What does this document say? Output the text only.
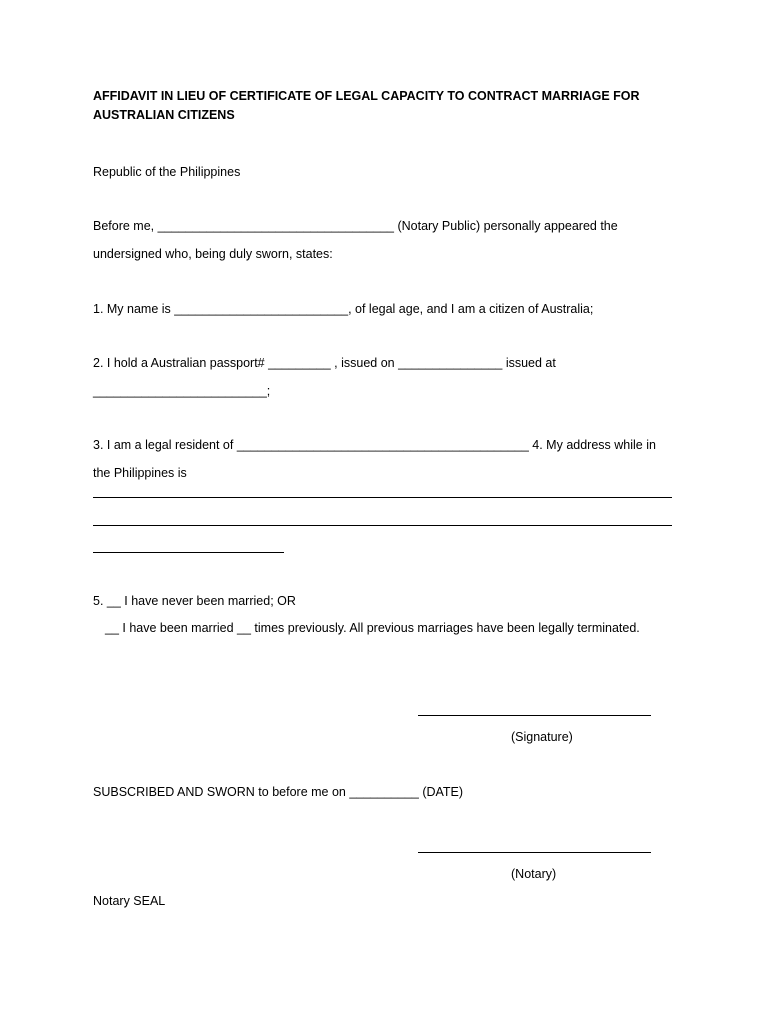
AFFIDAVIT IN LIEU OF CERTIFICATE OF LEGAL CAPACITY TO CONTRACT MARRIAGE FOR

AUSTRALIAN CITIZENS

Republic of the Philippines

Before me, __________________________________ (Notary Public) personally appeared the

undersigned who, being duly sworn, states:

1. My name is _________________________, of legal age, and I am a citizen of Australia;

2. I hold a Australian passport# _________ , issued on _______________ issued at

_________________________;

3. I am a legal resident of __________________________________________ 4. My address while in

the Philippines is

5. __ I have never been married; OR

__ I have been married __ times previously. All previous marriages have been legally terminated.

(Signature)

SUBSCRIBED AND SWORN to before me on __________ (DATE)

(Notary)

Notary SEAL
